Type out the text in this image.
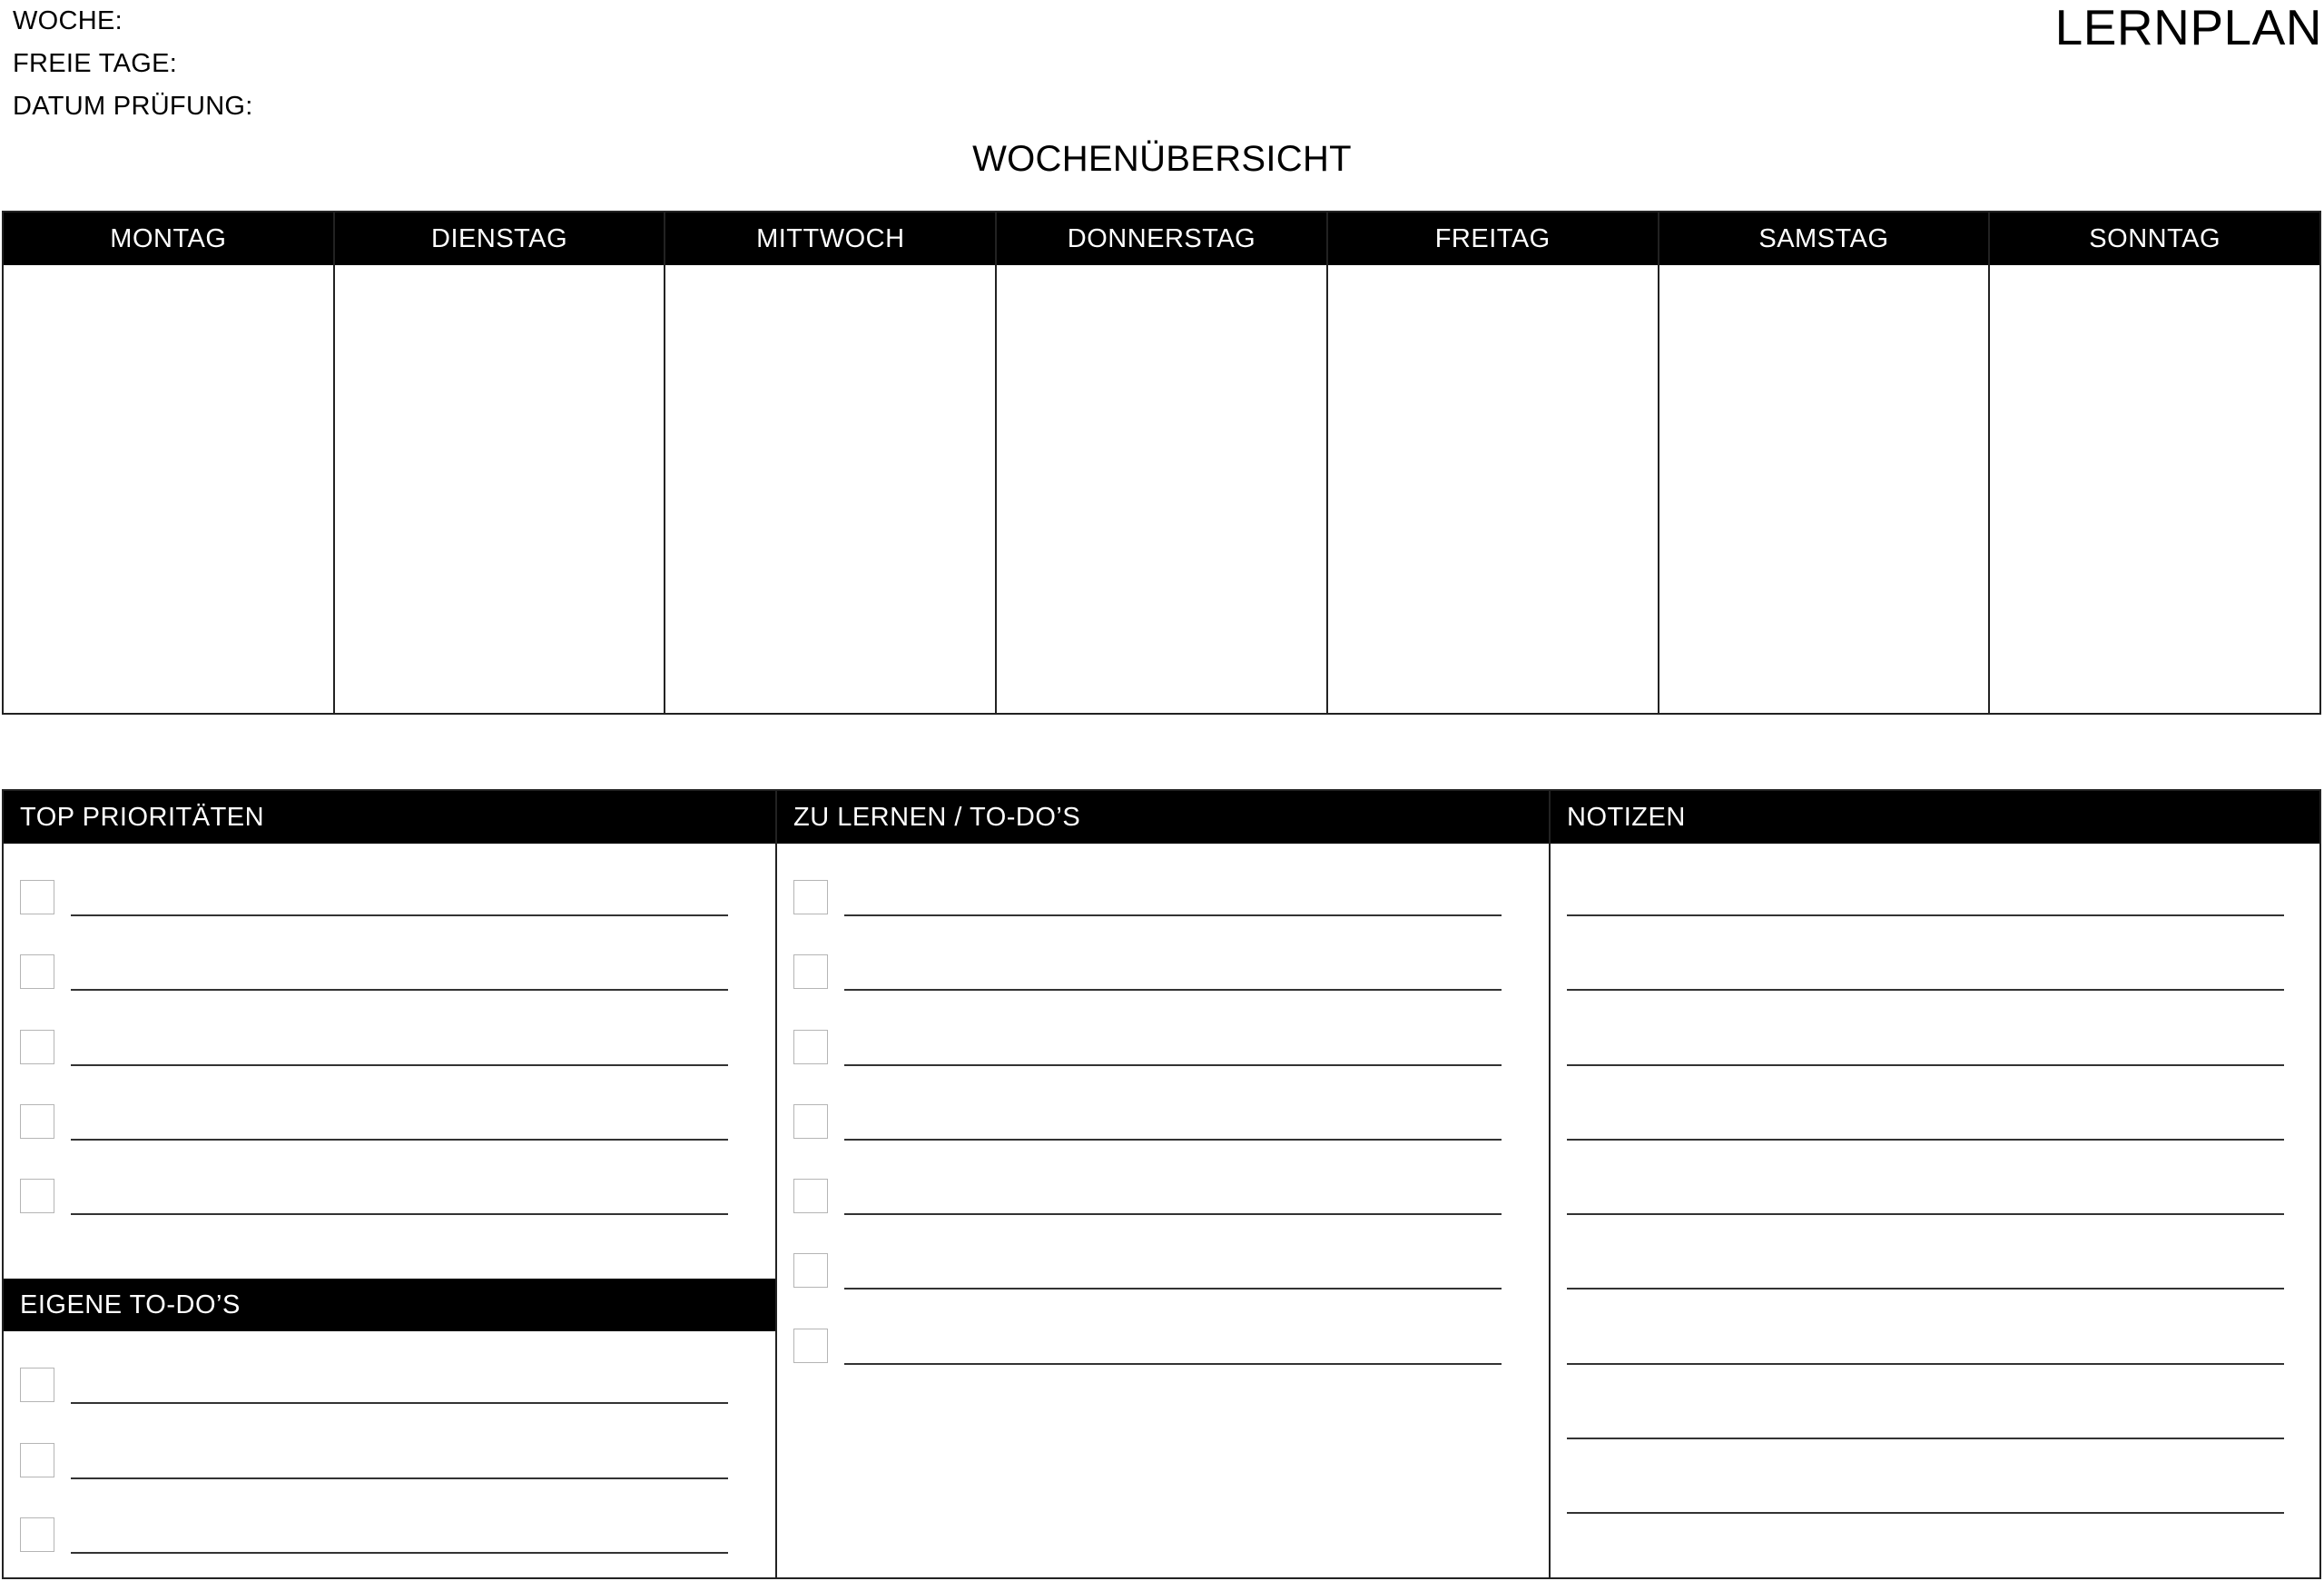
WOCHE:
FREIE TAGE:
DATUM PRÜFUNG:
LERNPLAN
WOCHENÜBERSICHT
MONTAG	DIENSTAG	MITTWOCH	DONNERSTAG	FREITAG	SAMSTAG	SONNTAG
TOP PRIORITÄTEN
EIGENE TO-DO’S
ZU LERNEN / TO-DO’S	NOTIZEN
